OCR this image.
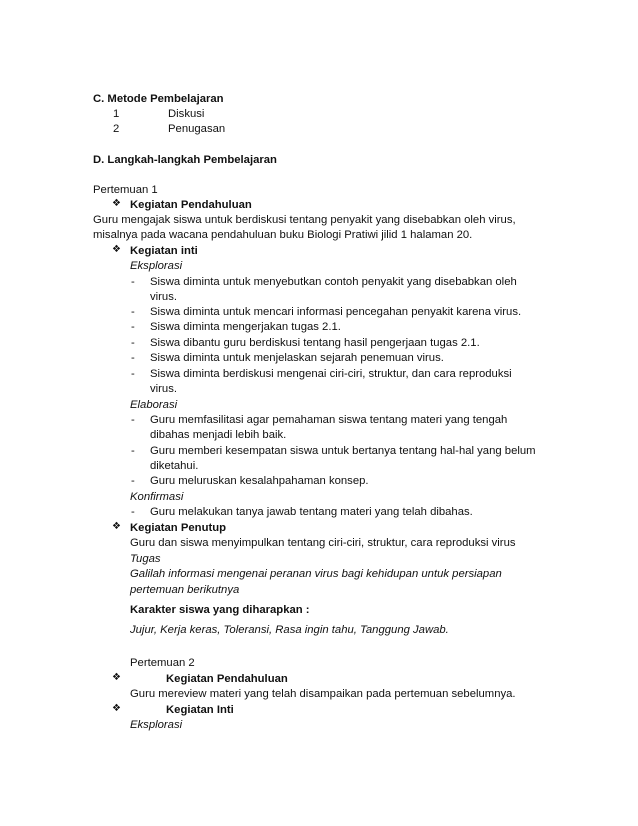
C. Metode Pembelajaran
1	Diskusi
2	Penugasan
D. Langkah-langkah Pembelajaran
Pertemuan 1
❖ Kegiatan Pendahuluan
Guru mengajak siswa untuk berdiskusi tentang penyakit yang disebabkan oleh virus,
misalnya pada wacana pendahuluan buku Biologi Pratiwi jilid 1 halaman 20.
❖ Kegiatan inti
Eksplorasi
- Siswa diminta untuk menyebutkan contoh penyakit yang disebabkan oleh
virus.
- Siswa diminta untuk mencari informasi pencegahan penyakit karena virus.
- Siswa diminta mengerjakan tugas 2.1.
- Siswa dibantu guru berdiskusi tentang hasil pengerjaan tugas 2.1.
- Siswa diminta untuk menjelaskan sejarah penemuan virus.
- Siswa diminta berdiskusi mengenai ciri-ciri, struktur, dan cara reproduksi
virus.
Elaborasi
- Guru memfasilitasi agar pemahaman siswa tentang materi yang tengah
dibahas menjadi lebih baik.
- Guru memberi kesempatan siswa untuk bertanya tentang hal-hal yang belum
diketahui.
- Guru meluruskan kesalahpahaman konsep.
Konfirmasi
- Guru melakukan tanya jawab tentang materi yang telah dibahas.
❖ Kegiatan Penutup
Guru dan siswa menyimpulkan tentang ciri-ciri, struktur, cara reproduksi virus
Tugas
Galilah informasi mengenai peranan virus bagi kehidupan untuk persiapan
pertemuan berikutnya
Karakter siswa yang diharapkan :
Jujur, Kerja keras, Toleransi, Rasa ingin tahu, Tanggung Jawab.
Pertemuan 2
❖	Kegiatan Pendahuluan
Guru mereview materi yang telah disampaikan pada pertemuan sebelumnya.
❖	Kegiatan Inti
Eksplorasi
